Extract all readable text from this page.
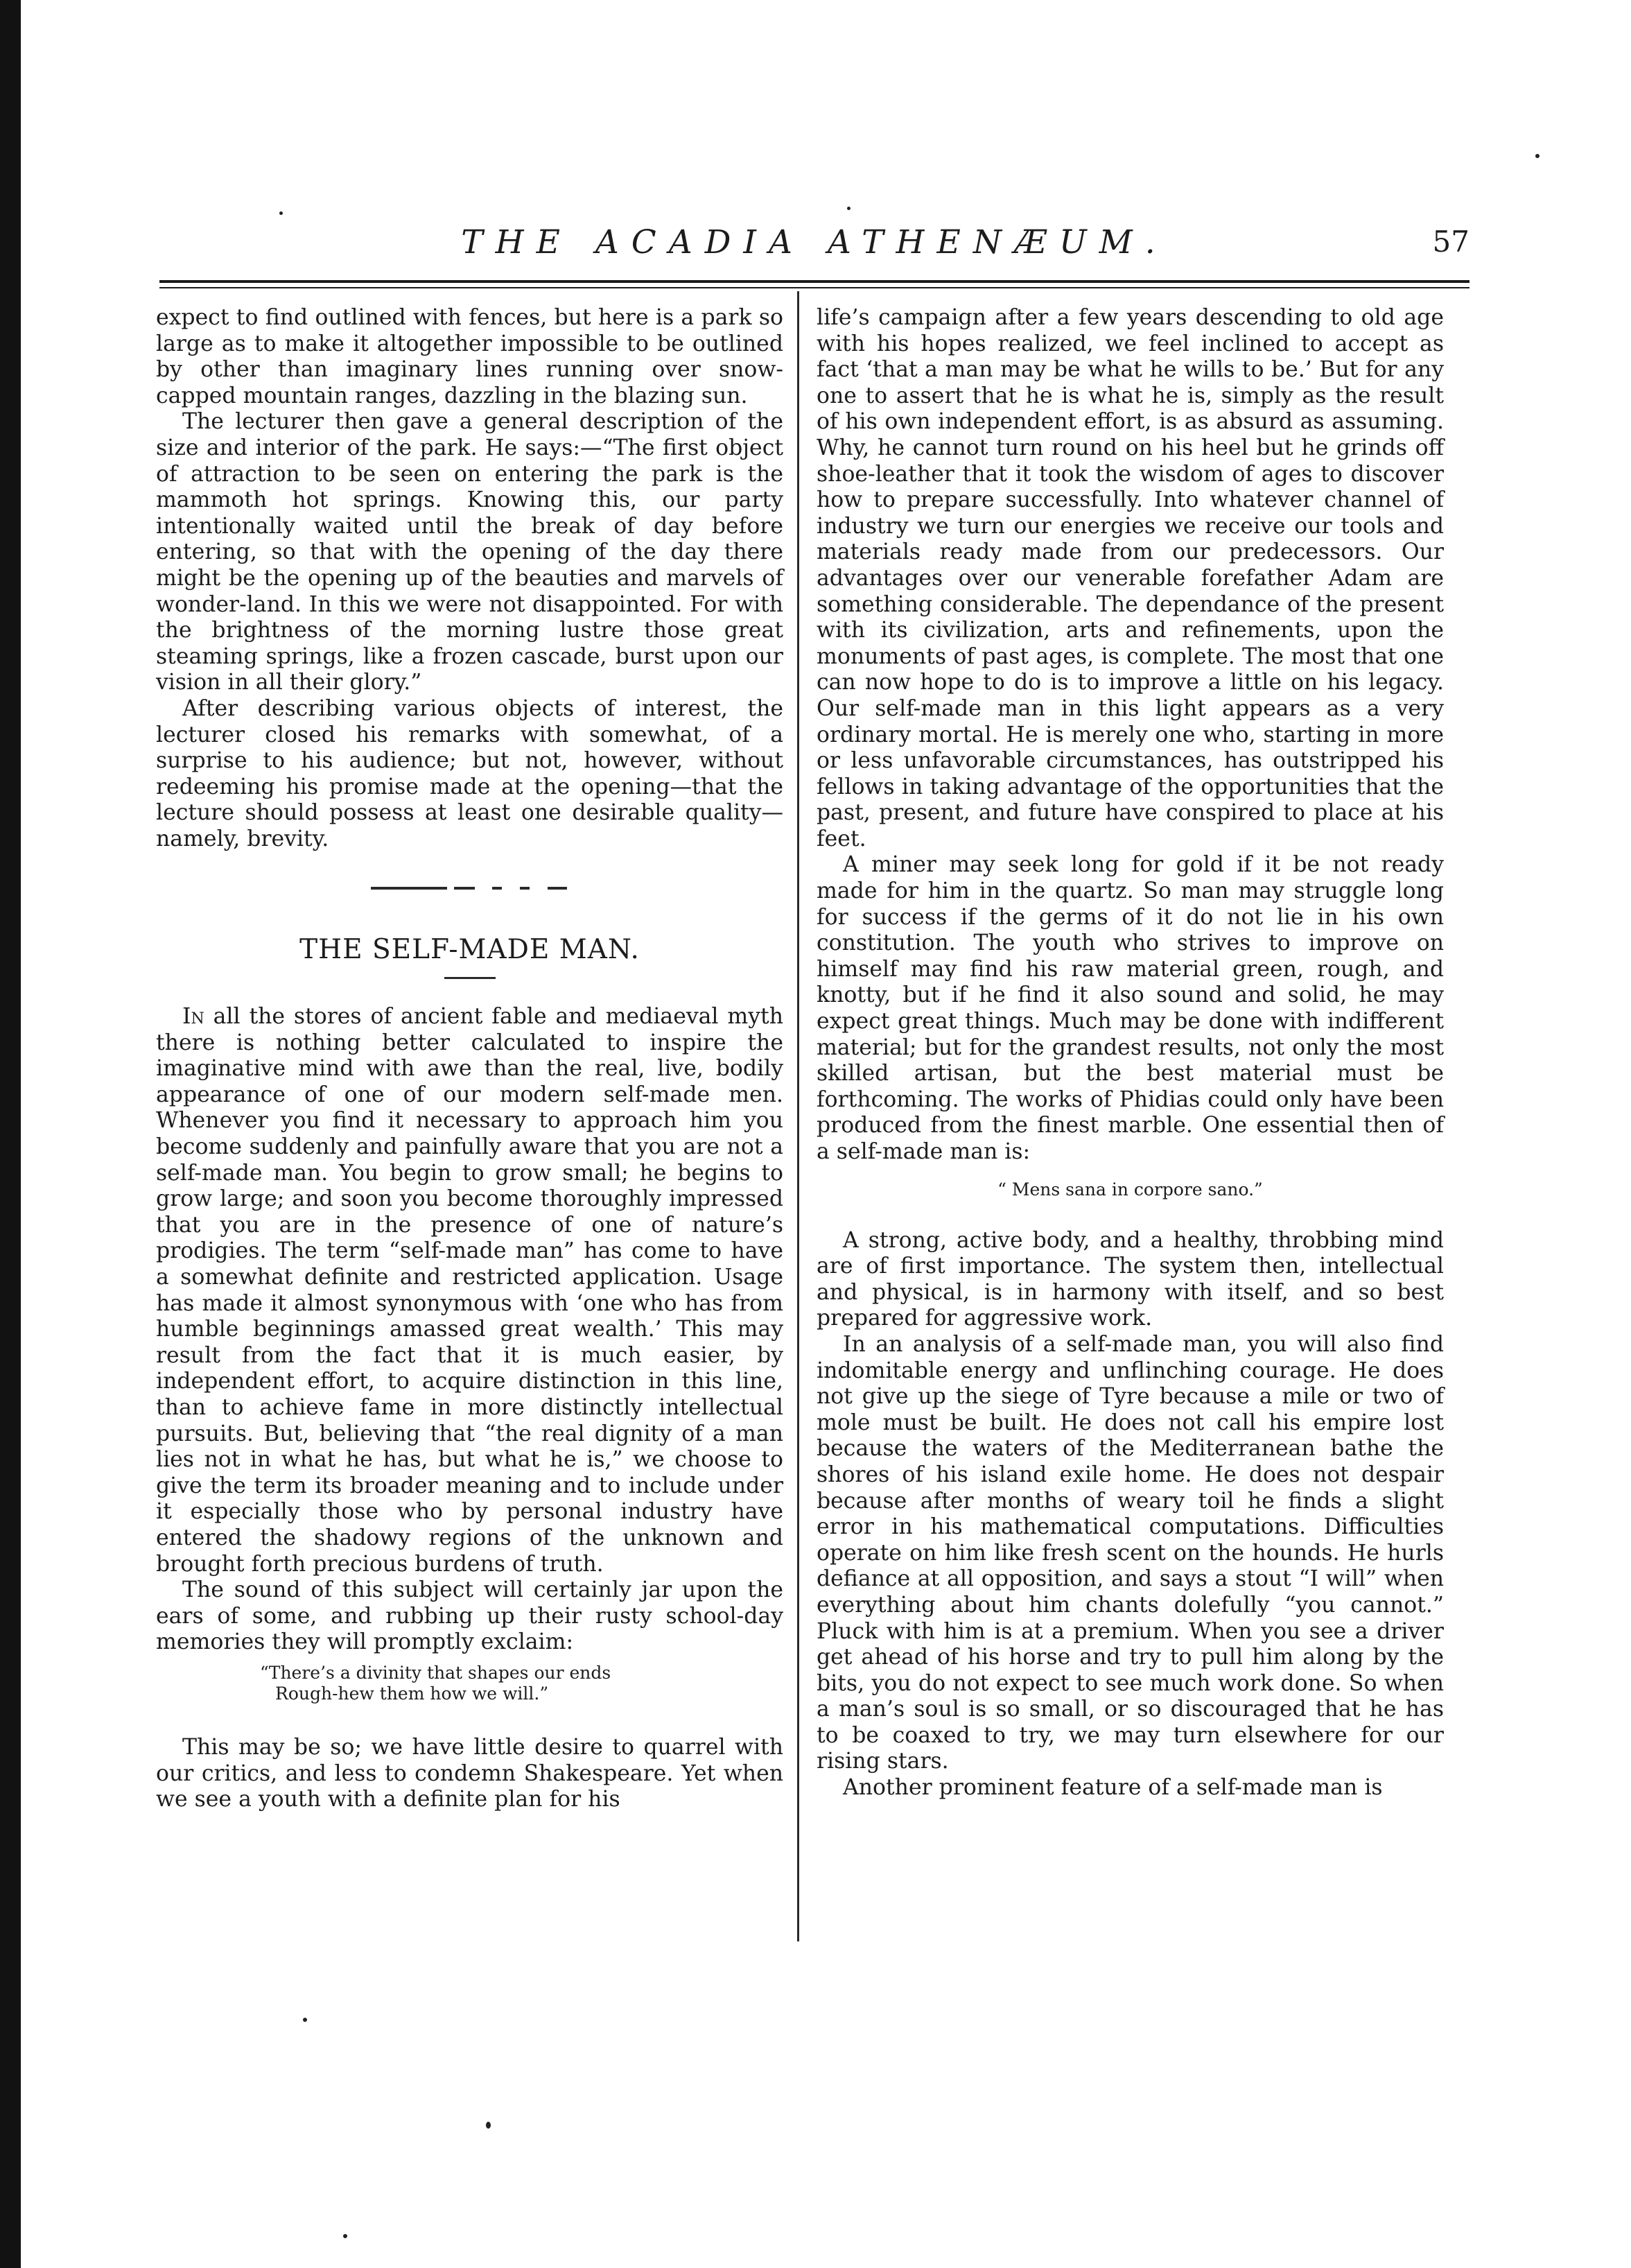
THE ACADIA ATHENÆUM.	57

expect to find outlined with fences, but here is a park so large as to make it altogether impossible to be outlined by other than imaginary lines running over snow-capped mountain ranges, dazzling in the blazing sun.

The lecturer then gave a general description of the size and interior of the park. He says:—“The first object of attraction to be seen on entering the park is the mammoth hot springs. Knowing this, our party intentionally waited until the break of day before entering, so that with the opening of the day there might be the opening up of the beauties and marvels of wonder-land. In this we were not disappointed. For with the brightness of the morning lustre those great steaming springs, like a frozen cascade, burst upon our vision in all their glory.”

After describing various objects of interest, the lecturer closed his remarks with somewhat, of a surprise to his audience; but not, however, without redeeming his promise made at the opening—that the lecture should possess at least one desirable quality—namely, brevity.

THE SELF-MADE MAN.

In all the stores of ancient fable and mediaeval myth there is nothing better calculated to inspire the imaginative mind with awe than the real, live, bodily appearance of one of our modern self-made men. Whenever you find it necessary to approach him you become suddenly and painfully aware that you are not a self-made man. You begin to grow small; he begins to grow large; and soon you become thoroughly impressed that you are in the presence of one of nature’s prodigies. The term “self-made man” has come to have a somewhat definite and restricted application. Usage has made it almost synonymous with ‘one who has from humble beginnings amassed great wealth.’ This may result from the fact that it is much easier, by independent effort, to acquire distinction in this line, than to achieve fame in more distinctly intellectual pursuits. But, believing that “the real dignity of a man lies not in what he has, but what he is,” we choose to give the term its broader meaning and to include under it especially those who by personal industry have entered the shadowy regions of the unknown and brought forth precious burdens of truth.

The sound of this subject will certainly jar upon the ears of some, and rubbing up their rusty school-day memories they will promptly exclaim:

“There’s a divinity that shapes our ends
Rough-hew them how we will.”

This may be so; we have little desire to quarrel with our critics, and less to condemn Shakespeare. Yet when we see a youth with a definite plan for his

life’s campaign after a few years descending to old age with his hopes realized, we feel inclined to accept as fact ‘that a man may be what he wills to be.’ But for any one to assert that he is what he is, simply as the result of his own independent effort, is as absurd as assuming. Why, he cannot turn round on his heel but he grinds off shoe-leather that it took the wisdom of ages to discover how to prepare successfully. Into whatever channel of industry we turn our energies we receive our tools and materials ready made from our predecessors. Our advantages over our venerable forefather Adam are something considerable. The dependance of the present with its civilization, arts and refinements, upon the monuments of past ages, is complete. The most that one can now hope to do is to improve a little on his legacy. Our self-made man in this light appears as a very ordinary mortal. He is merely one who, starting in more or less unfavorable circumstances, has outstripped his fellows in taking advantage of the opportunities that the past, present, and future have conspired to place at his feet.

A miner may seek long for gold if it be not ready made for him in the quartz. So man may struggle long for success if the germs of it do not lie in his own constitution. The youth who strives to improve on himself may find his raw material green, rough, and knotty, but if he find it also sound and solid, he may expect great things. Much may be done with indifferent material; but for the grandest results, not only the most skilled artisan, but the best material must be forthcoming. The works of Phidias could only have been produced from the finest marble. One essential then of a self-made man is:

“ Mens sana in corpore sano.”

A strong, active body, and a healthy, throbbing mind are of first importance. The system then, intellectual and physical, is in harmony with itself, and so best prepared for aggressive work.

In an analysis of a self-made man, you will also find indomitable energy and unflinching courage. He does not give up the siege of Tyre because a mile or two of mole must be built. He does not call his empire lost because the waters of the Mediterranean bathe the shores of his island exile home. He does not despair because after months of weary toil he finds a slight error in his mathematical computations. Difficulties operate on him like fresh scent on the hounds. He hurls defiance at all opposition, and says a stout “I will” when everything about him chants dolefully “you cannot.” Pluck with him is at a premium. When you see a driver get ahead of his horse and try to pull him along by the bits, you do not expect to see much work done. So when a man’s soul is so small, or so discouraged that he has to be coaxed to try, we may turn elsewhere for our rising stars.

Another prominent feature of a self-made man is
